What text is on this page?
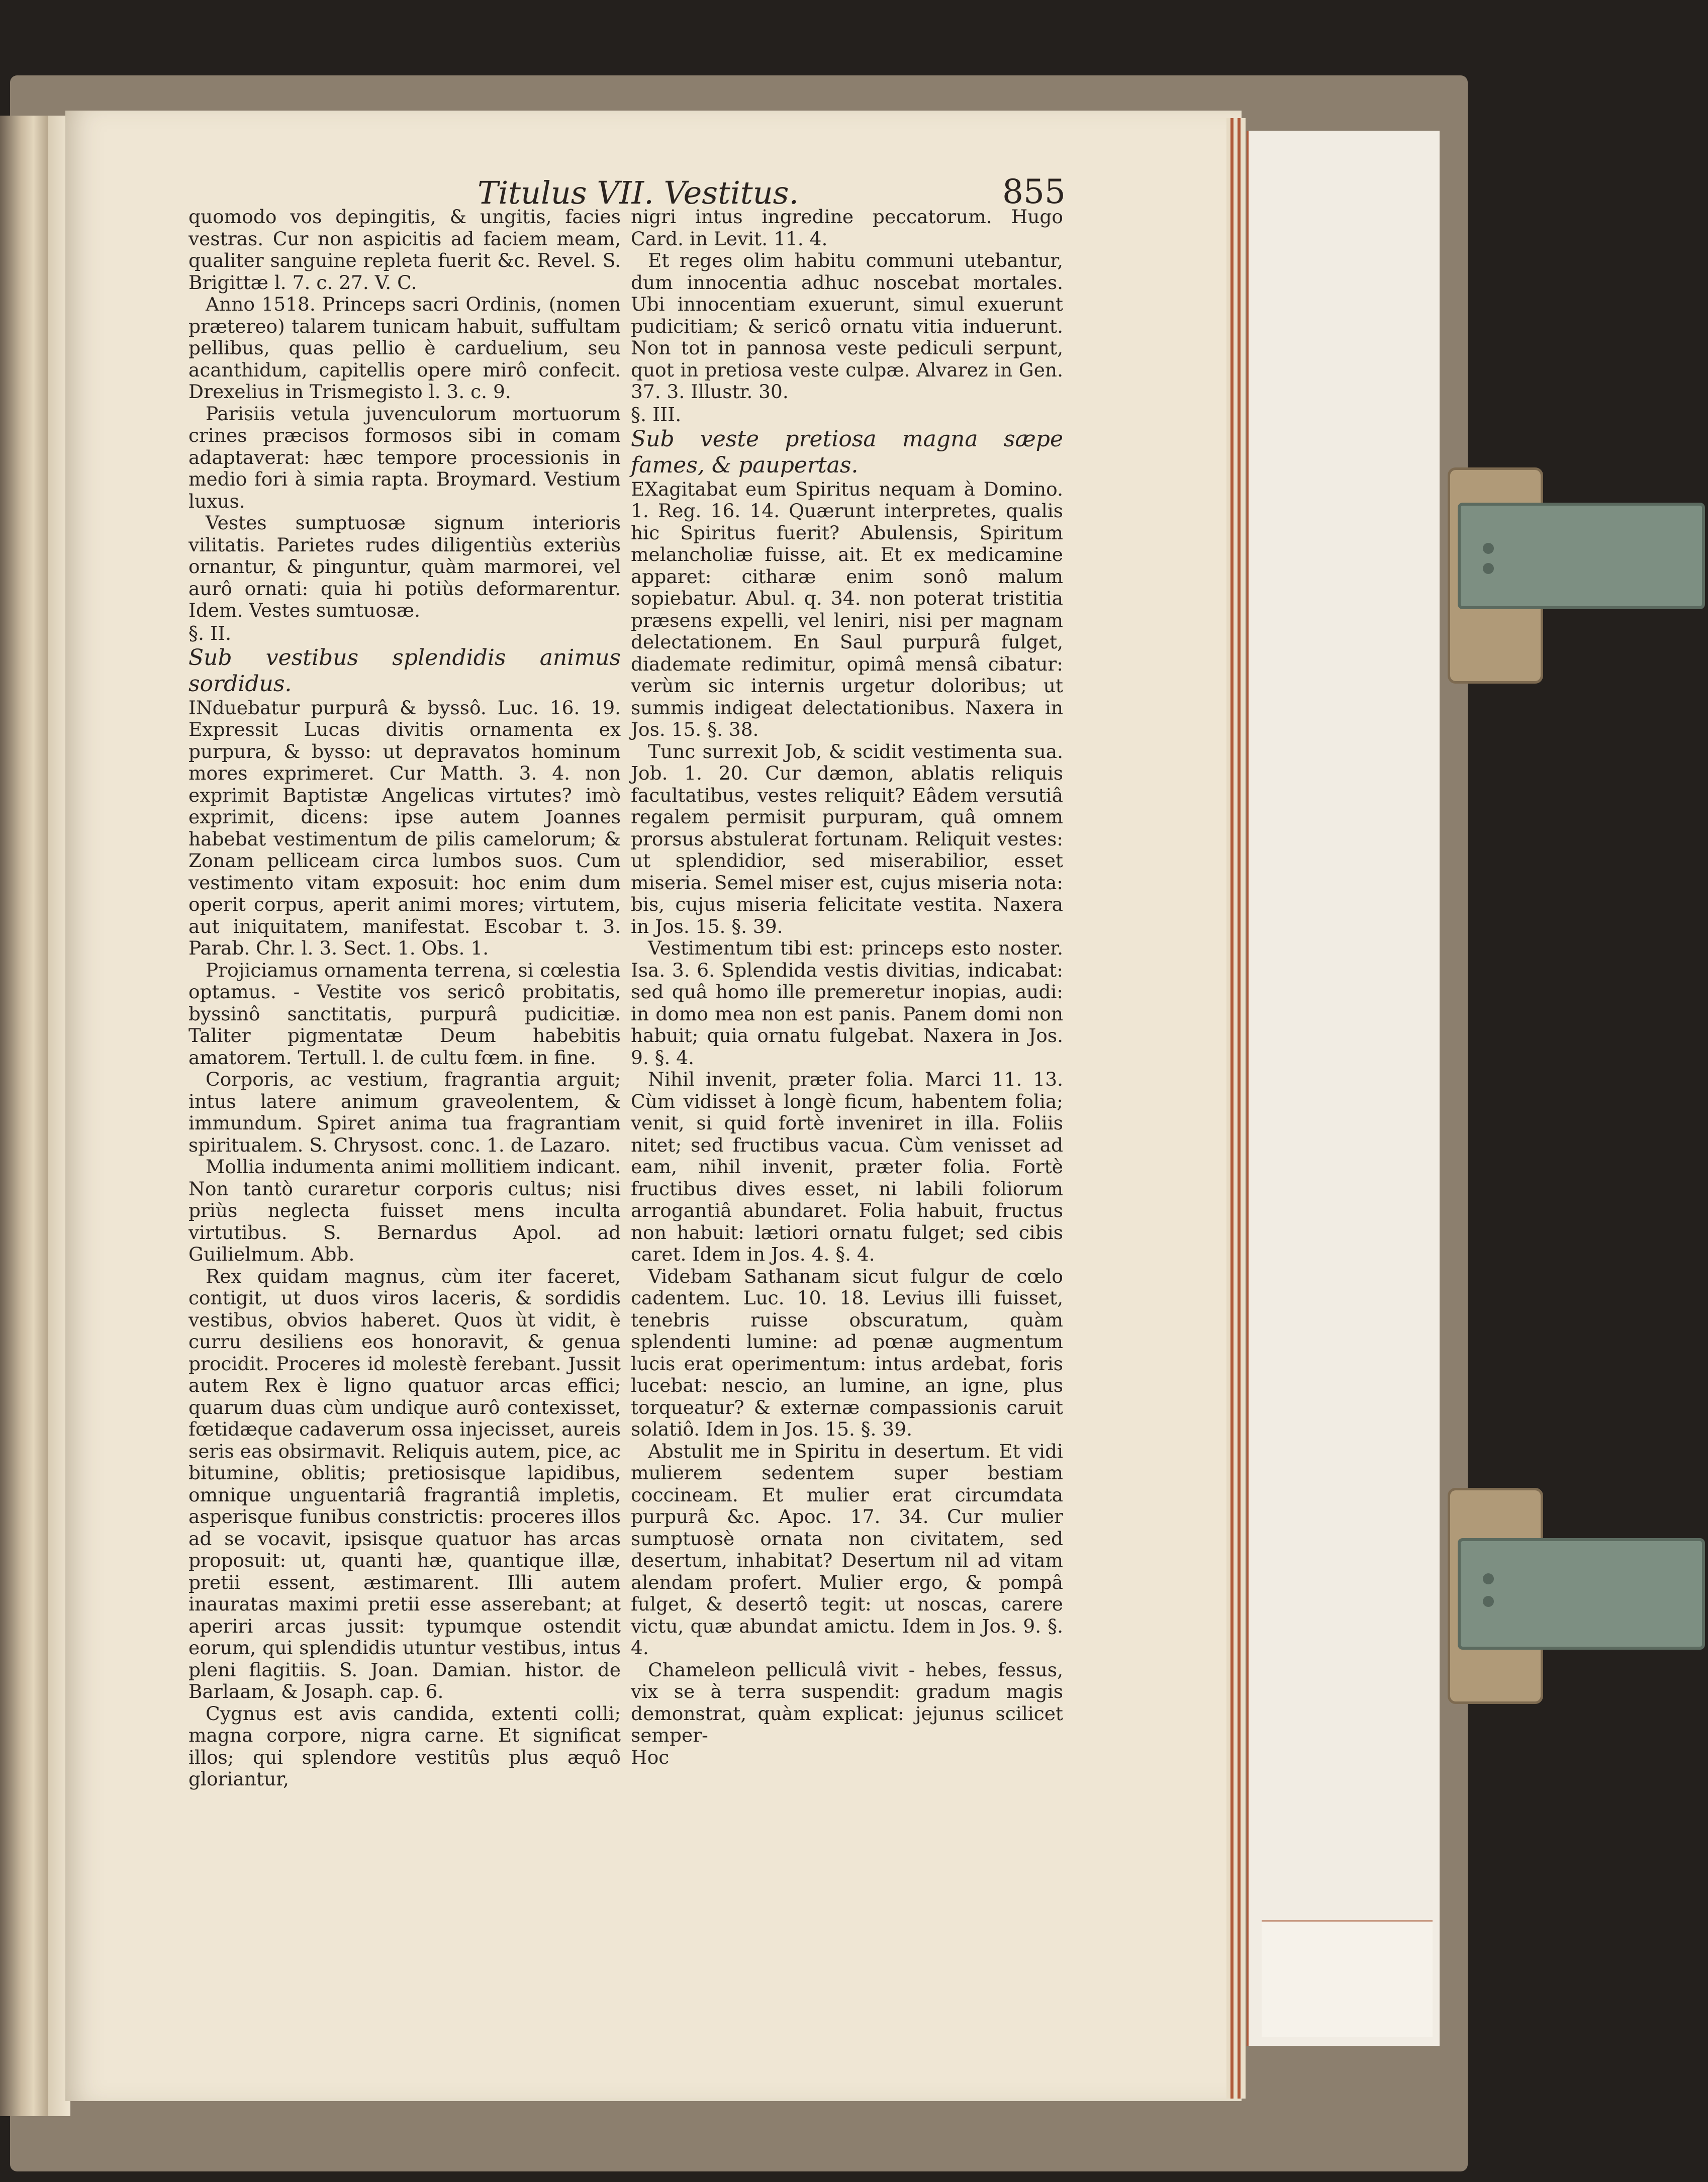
Titulus VII. Vestitus.	855

quomodo vos depingitis, & ungitis, facies vestras. Cur non aspicitis ad faciem meam, qualiter sanguine repleta fuerit &c. Revel. S. Brigittæ l. 7. c. 27. V. C.

Anno 1518. Princeps sacri Ordinis, (nomen prætereo) talarem tunicam habuit, suffultam pellibus, quas pellio è carduelium, seu acanthidum, capitellis opere mirô confecit. Drexelius in Trismegisto l. 3. c. 9.

Parisiis vetula juvenculorum mortuorum crines præcisos formosos sibi in comam adaptaverat: hæc tempore processionis in medio fori à simia rapta. Broymard. Vestium luxus.

Vestes sumptuosæ signum interioris vilitatis. Parietes rudes diligentiùs exteriùs ornantur, & pinguntur, quàm marmorei, vel aurô ornati: quia hi potiùs deformarentur. Idem. Vestes sumtuosæ.

§. II.

Sub vestibus splendidis animus sordidus.

INduebatur purpurâ & byssô. Luc. 16. 19. Expressit Lucas divitis ornamenta ex purpura, & bysso: ut depravatos hominum mores exprimeret. Cur Matth. 3. 4. non exprimit Baptistæ Angelicas virtutes? imò exprimit, dicens: ipse autem Joannes habebat vestimentum de pilis camelorum; & Zonam pelliceam circa lumbos suos. Cum vestimento vitam exposuit: hoc enim dum operit corpus, aperit animi mores; virtutem, aut iniquitatem, manifestat. Escobar t. 3. Parab. Chr. l. 3. Sect. 1. Obs. 1.

Projiciamus ornamenta terrena, si cœlestia optamus. - Vestite vos sericô probitatis, byssinô sanctitatis, purpurâ pudicitiæ. Taliter pigmentatæ Deum habebitis amatorem. Tertull. l. de cultu fœm. in fine.

Corporis, ac vestium, fragrantia arguit; intus latere animum graveolentem, & immundum. Spiret anima tua fragrantiam spiritualem. S. Chrysost. conc. 1. de Lazaro.

Mollia indumenta animi mollitiem indicant. Non tantò curaretur corporis cultus; nisi priùs neglecta fuisset mens inculta virtutibus. S. Bernardus Apol. ad Guilielmum. Abb.

Rex quidam magnus, cùm iter faceret, contigit, ut duos viros laceris, & sordidis vestibus, obvios haberet. Quos ùt vidit, è curru desiliens eos honoravit, & genua procidit. Proceres id molestè ferebant. Jussit autem Rex è ligno quatuor arcas effici; quarum duas cùm undique aurô contexisset, fœtidæque cadaverum ossa injecisset, aureis seris eas obsirmavit. Reliquis autem, pice, ac bitumine, oblitis; pretiosisque lapidibus, omnique unguentariâ fragrantiâ impletis, asperisque funibus constrictis: proceres illos ad se vocavit, ipsisque quatuor has arcas proposuit: ut, quanti hæ, quantique illæ, pretii essent, æstimarent. Illi autem inauratas maximi pretii esse asserebant; at aperiri arcas jussit: typumque ostendit eorum, qui splendidis utuntur vestibus, intus pleni flagitiis. S. Joan. Damian. histor. de Barlaam, & Josaph. cap. 6.

Cygnus est avis candida, extenti colli; magna corpore, nigra carne. Et significat illos; qui splendore vestitûs plus æquô gloriantur,

nigri intus ingredine peccatorum. Hugo Card. in Levit. 11. 4.

Et reges olim habitu communi utebantur, dum innocentia adhuc noscebat mortales. Ubi innocentiam exuerunt, simul exuerunt pudicitiam; & sericô ornatu vitia induerunt. Non tot in pannosa veste pediculi serpunt, quot in pretiosa veste culpæ. Alvarez in Gen. 37. 3. Illustr. 30.

§. III.

Sub veste pretiosa magna sæpe fames, & paupertas.

EXagitabat eum Spiritus nequam à Domino. 1. Reg. 16. 14. Quærunt interpretes, qualis hic Spiritus fuerit? Abulensis, Spiritum melancholiæ fuisse, ait. Et ex medicamine apparet: citharæ enim sonô malum sopiebatur. Abul. q. 34. non poterat tristitia præsens expelli, vel leniri, nisi per magnam delectationem. En Saul purpurâ fulget, diademate redimitur, opimâ mensâ cibatur: verùm sic internis urgetur doloribus; ut summis indigeat delectationibus. Naxera in Jos. 15. §. 38.

Tunc surrexit Job, & scidit vestimenta sua. Job. 1. 20. Cur dæmon, ablatis reliquis facultatibus, vestes reliquit? Eâdem versutiâ regalem permisit purpuram, quâ omnem prorsus abstulerat fortunam. Reliquit vestes: ut splendidior, sed miserabilior, esset miseria. Semel miser est, cujus miseria nota: bis, cujus miseria felicitate vestita. Naxera in Jos. 15. §. 39.

Vestimentum tibi est: princeps esto noster. Isa. 3. 6. Splendida vestis divitias, indicabat: sed quâ homo ille premeretur inopias, audi: in domo mea non est panis. Panem domi non habuit; quia ornatu fulgebat. Naxera in Jos. 9. §. 4.

Nihil invenit, præter folia. Marci 11. 13. Cùm vidisset à longè ficum, habentem folia; venit, si quid fortè inveniret in illa. Foliis nitet; sed fructibus vacua. Cùm venisset ad eam, nihil invenit, præter folia. Fortè fructibus dives esset, ni labili foliorum arrogantiâ abundaret. Folia habuit, fructus non habuit: lætiori ornatu fulget; sed cibis caret. Idem in Jos. 4. §. 4.

Videbam Sathanam sicut fulgur de cœlo cadentem. Luc. 10. 18. Levius illi fuisset, tenebris ruisse obscuratum, quàm splendenti lumine: ad pœnæ augmentum lucis erat operimentum: intus ardebat, foris lucebat: nescio, an lumine, an igne, plus torqueatur? & externæ compassionis caruit solatiô. Idem in Jos. 15. §. 39.

Abstulit me in Spiritu in desertum. Et vidi mulierem sedentem super bestiam coccineam. Et mulier erat circumdata purpurâ &c. Apoc. 17. 34. Cur mulier sumptuosè ornata non civitatem, sed desertum, inhabitat? Desertum nil ad vitam alendam profert. Mulier ergo, & pompâ fulget, & desertô tegit: ut noscas, carere victu, quæ abundat amictu. Idem in Jos. 9. §. 4.

Chameleon pelliculâ vivit - hebes, fessus, vix se à terra suspendit: gradum magis demonstrat, quàm explicat: jejunus scilicet semper-

Hoc
